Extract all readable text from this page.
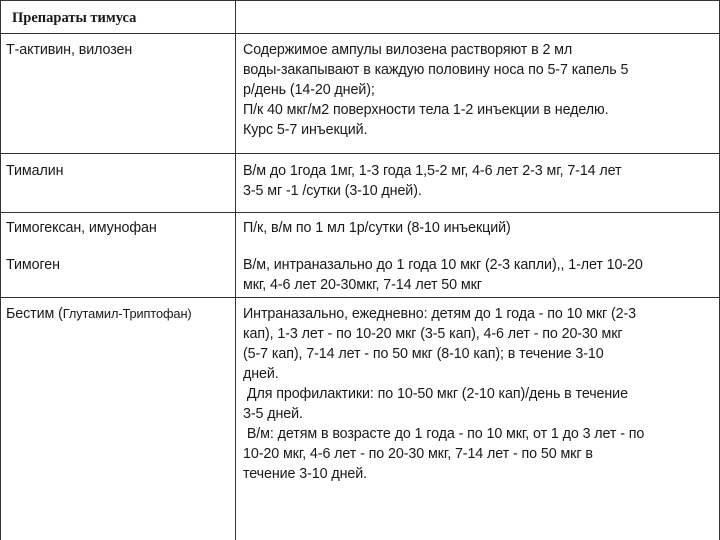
Препараты тимуса
Т-активин, вилозен	Содержимое ампулы вилозена растворяют в 2 мл
воды-закапывают в каждую половину носа по 5-7 капель 5
р/день (14-20 дней);
П/к 40 мкг/м2 поверхности тела 1-2 инъекции в неделю.
Курс 5-7 инъекций.
Тималин	В/м до 1года 1мг, 1-3 года 1,5-2 мг, 4-6 лет 2-3 мг, 7-14 лет
3-5 мг -1 /сутки (3-10 дней).
Тимогексан, имунофан	П/к, в/м по 1 мл 1р/сутки (8-10 инъекций)
Тимоген	В/м, интраназально до 1 года 10 мкг (2-3 капли),, 1-лет 10-20
мкг, 4-6 лет 20-30мкг, 7-14 лет 50 мкг
Бестим (Глутамил-Триптофан)	Интраназально, ежедневно: детям до 1 года - по 10 мкг (2-3
кап), 1-3 лет - по 10-20 мкг (3-5 кап), 4-6 лет - по 20-30 мкг
(5-7 кап), 7-14 лет - по 50 мкг (8-10 кап); в течение 3-10
дней.
Для профилактики: по 10-50 мкг (2-10 кап)/день в течение
3-5 дней.
В/м: детям в возрасте до 1 года - по 10 мкг, от 1 до 3 лет - по
10-20 мкг, 4-6 лет - по 20-30 мкг, 7-14 лет - по 50 мкг в
течение 3-10 дней.
